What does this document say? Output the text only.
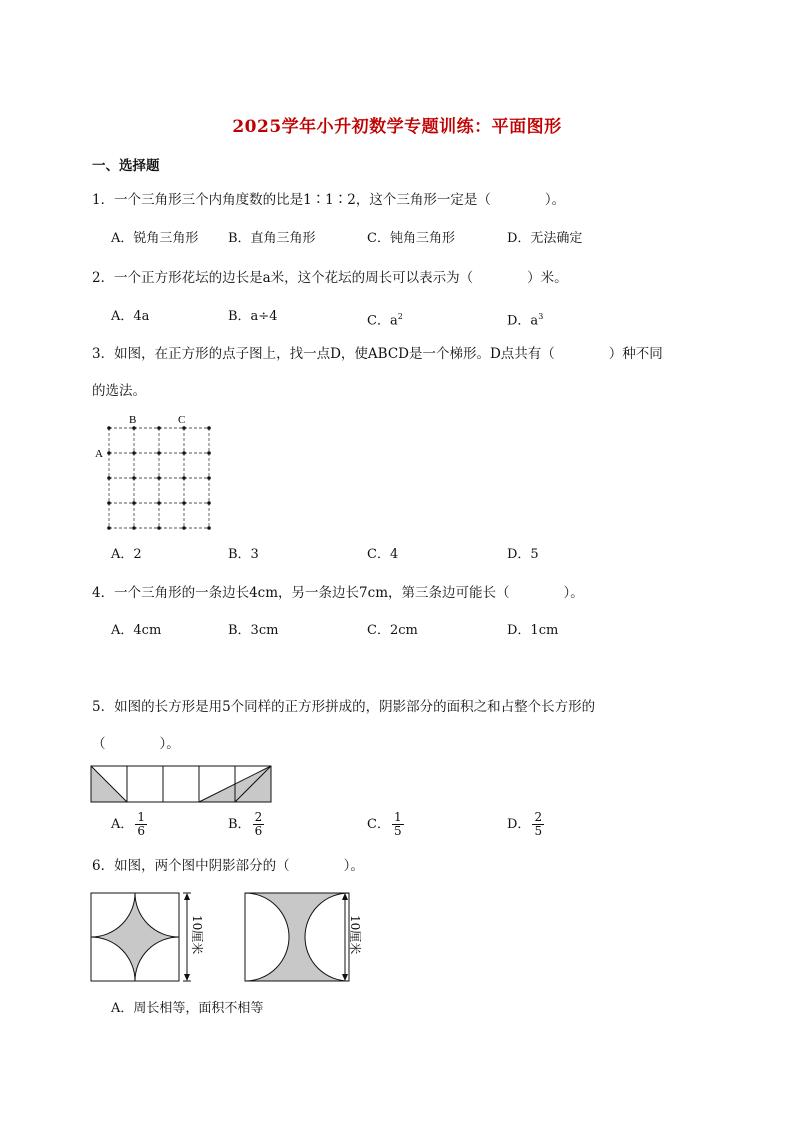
2025学年小升初数学专题训练：平面图形
一、选择题
1．一个三角形三个内角度数的比是1∶1∶2，这个三角形一定是（　　　　）。
A．锐角三角形 B．直角三角形	C．钝角三角形	D．无法确定
2．一个正方形花坛的边长是a米，这个花坛的周长可以表示为（　　　　）米。
A．4a	B．a÷4	C．$a^2$	D．$a^3$
3．如图，在正方形的点子图上，找一点D，使ABCD是一个梯形。D点共有（　　　　）种不同
的选法。
A
B	C
A．2	B．3	C．4	D．5
4．一个三角形的一条边长4cm，另一条边长7cm，第三条边可能长（　　　　）。
A．4cm	B．3cm	C．2cm	D．1cm
5．如图的长方形是用5个同样的正方形拼成的，阴影部分的面积之和占整个长方形的
（　　　　）。
A． $\frac{1}{6}$	B． $\frac{2}{6}$	C． $\frac{1}{5}$	D． $\frac{2}{5}$
6．如图，两个图中阴影部分的（　　　　）。
10厘米	10厘米
A．周长相等，面积不相等
